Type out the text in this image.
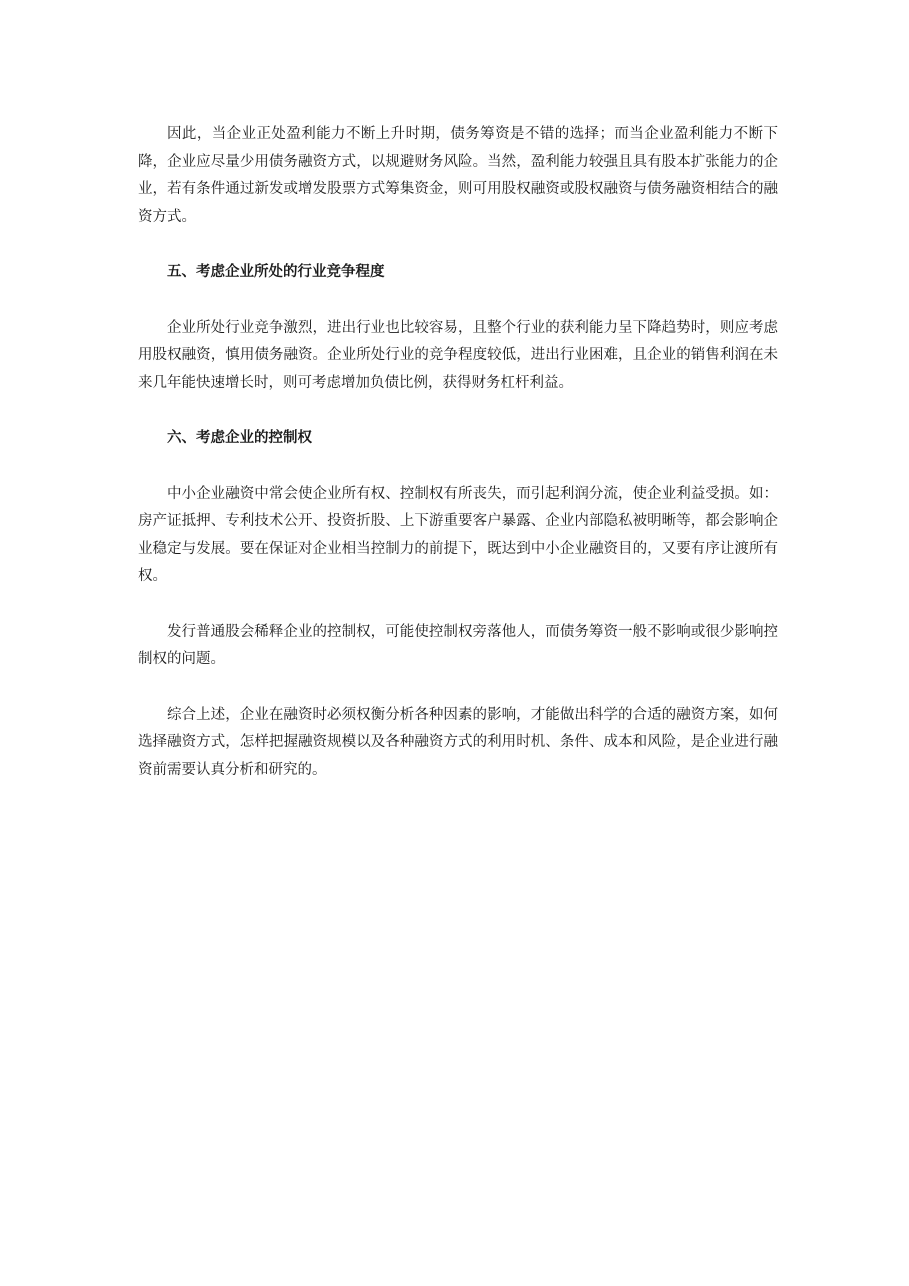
因此，当企业正处盈利能力不断上升时期，债务筹资是不错的选择；而当企业盈利能力不断下降，企业应尽量少用债务融资方式，以规避财务风险。当然，盈利能力较强且具有股本扩张能力的企业，若有条件通过新发或增发股票方式筹集资金，则可用股权融资或股权融资与债务融资相结合的融资方式。

五、考虑企业所处的行业竞争程度

企业所处行业竞争激烈，进出行业也比较容易，且整个行业的获利能力呈下降趋势时，则应考虑用股权融资，慎用债务融资。企业所处行业的竞争程度较低，进出行业困难，且企业的销售利润在未来几年能快速增长时，则可考虑增加负债比例，获得财务杠杆利益。

六、考虑企业的控制权

中小企业融资中常会使企业所有权、控制权有所丧失，而引起利润分流，使企业利益受损。如：房产证抵押、专利技术公开、投资折股、上下游重要客户暴露、企业内部隐私被明晰等，都会影响企业稳定与发展。要在保证对企业相当控制力的前提下，既达到中小企业融资目的，又要有序让渡所有权。

发行普通股会稀释企业的控制权，可能使控制权旁落他人，而债务筹资一般不影响或很少影响控制权的问题。

综合上述，企业在融资时必须权衡分析各种因素的影响，才能做出科学的合适的融资方案，如何选择融资方式，怎样把握融资规模以及各种融资方式的利用时机、条件、成本和风险，是企业进行融资前需要认真分析和研究的。
